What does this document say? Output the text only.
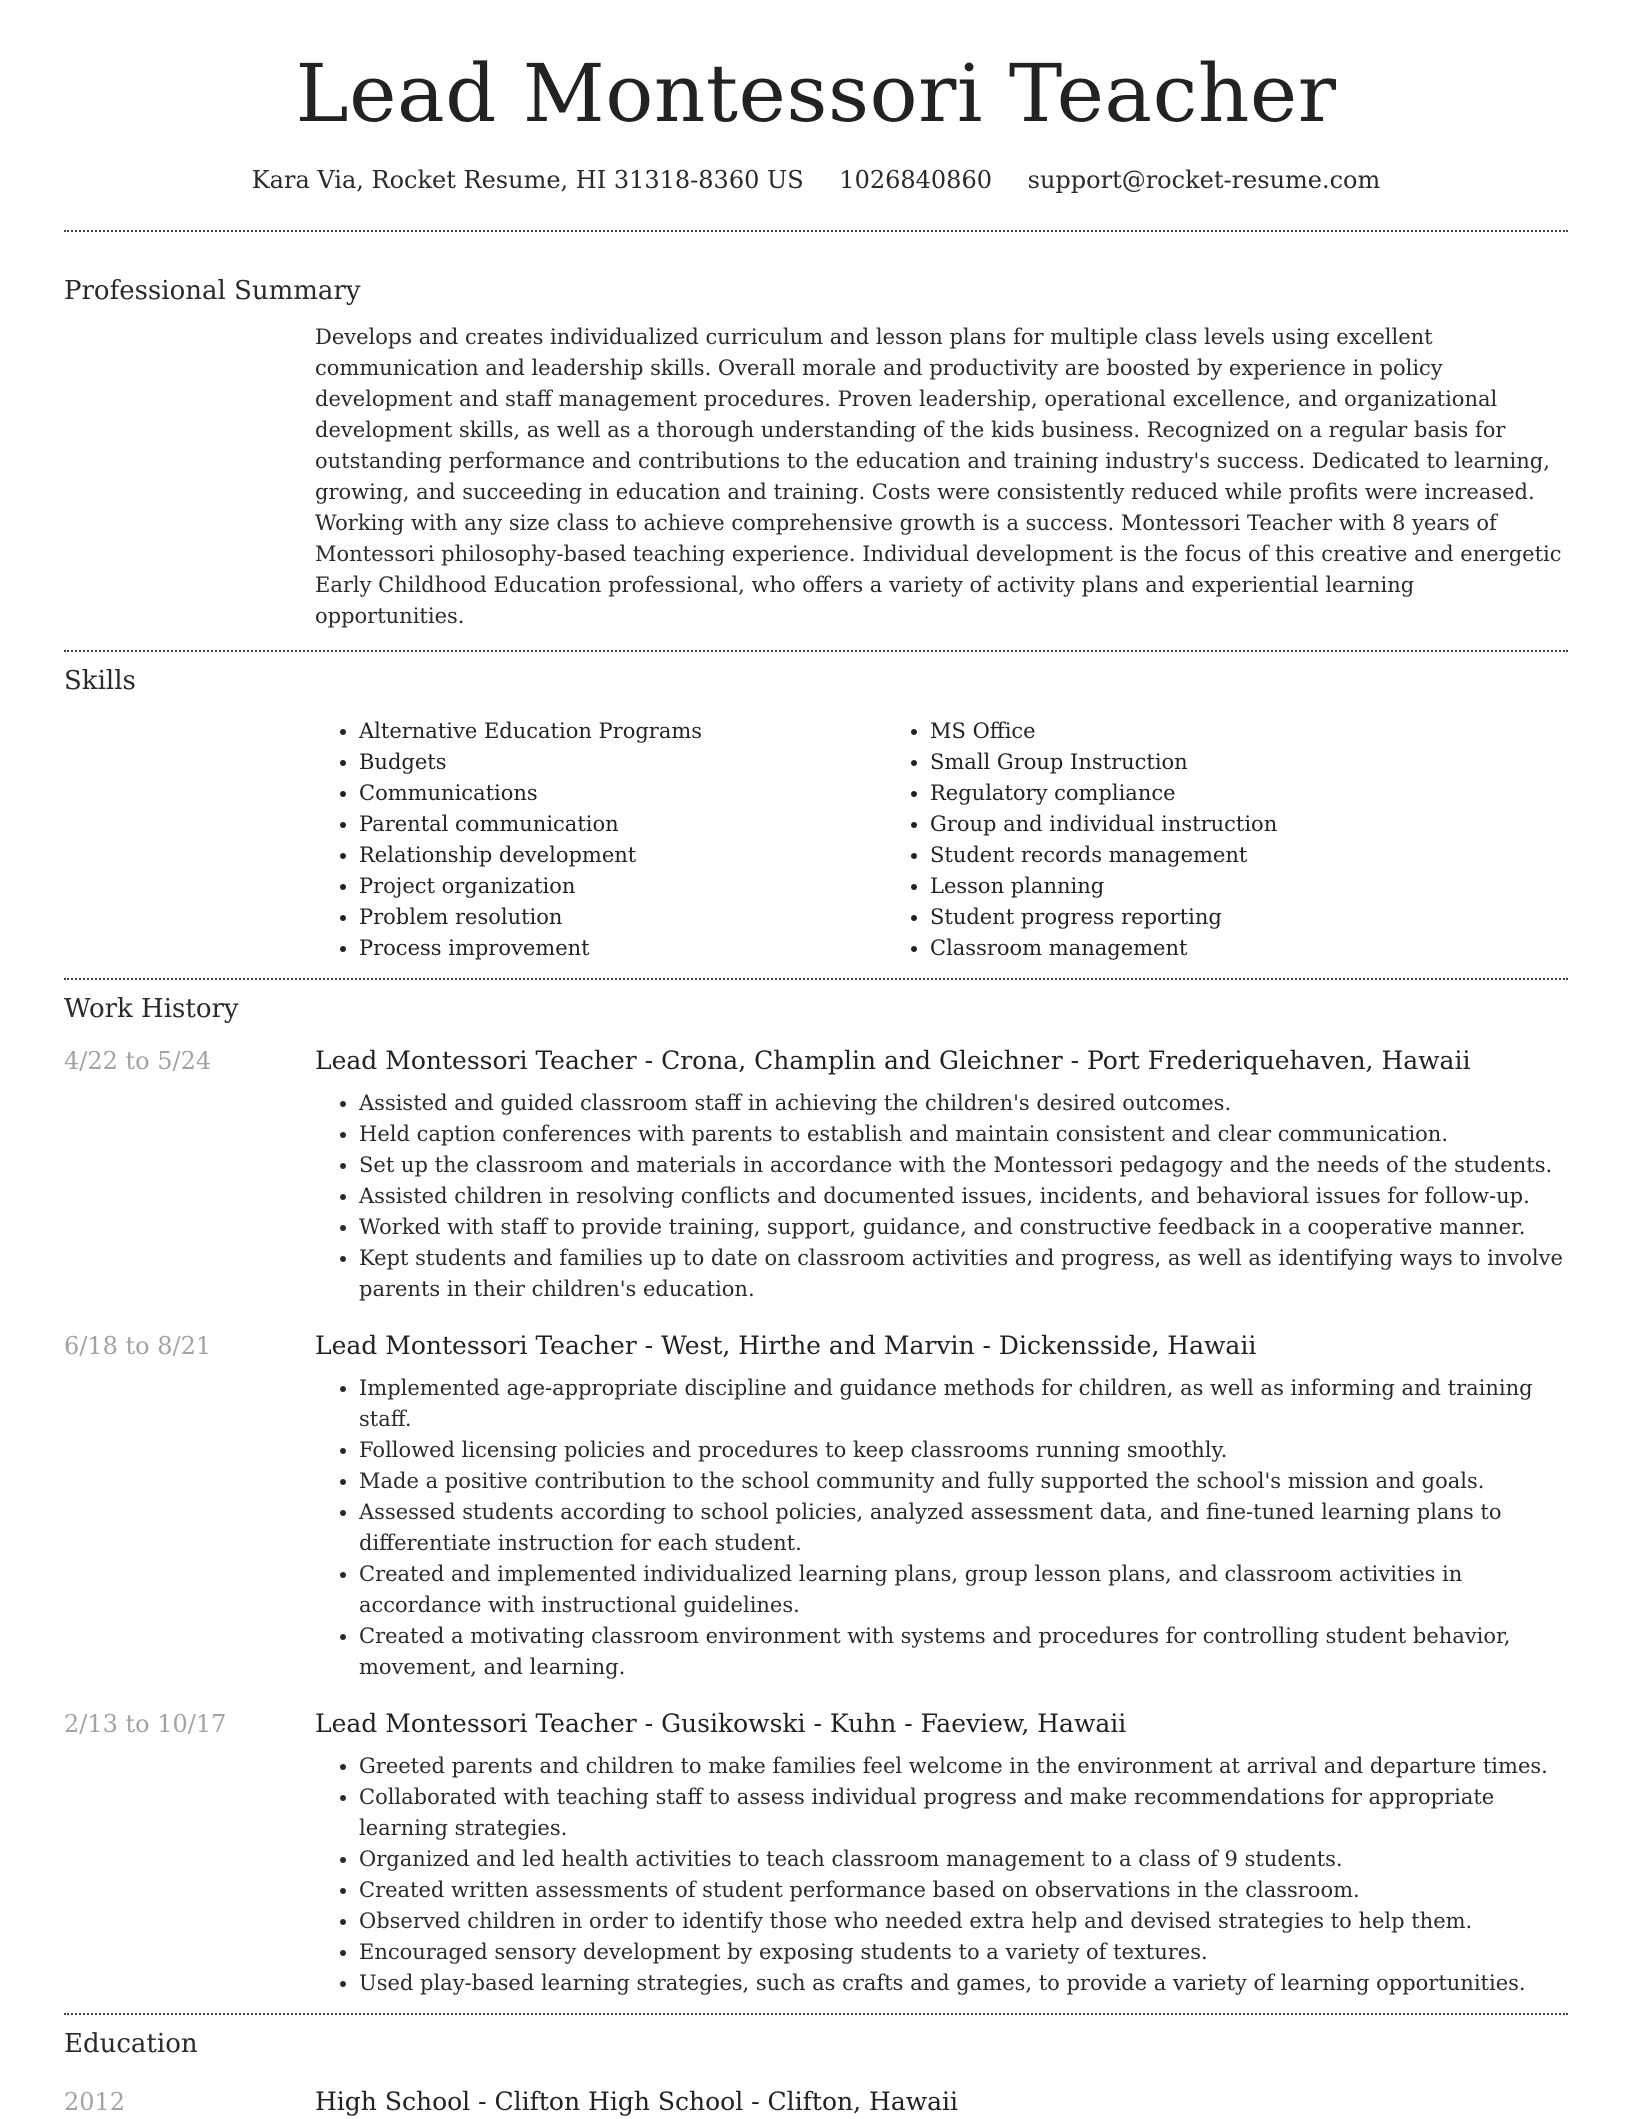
Lead Montessori Teacher
Kara Via, Rocket Resume, HI 31318-8360 US 1026840860 support@rocket-resume.com
Professional Summary

Develops and creates individualized curriculum and lesson plans for multiple class levels using excellent communication and leadership skills. Overall morale and productivity are boosted by experience in policy development and staff management procedures. Proven leadership, operational excellence, and organizational development skills, as well as a thorough understanding of the kids business. Recognized on a regular basis for outstanding performance and contributions to the education and training industry's success. Dedicated to learning, growing, and succeeding in education and training. Costs were consistently reduced while profits were increased. Working with any size class to achieve comprehensive growth is a success. Montessori Teacher with 8 years of Montessori philosophy-based teaching experience. Individual development is the focus of this creative and energetic Early Childhood Education professional, who offers a variety of activity plans and experiential learning opportunities.

Skills
• Alternative Education Programs
• Budgets
• Communications
• Parental communication
• Relationship development
• Project organization
• Problem resolution
• Process improvement
• MS Office
• Small Group Instruction
• Regulatory compliance
• Group and individual instruction
• Student records management
• Lesson planning
• Student progress reporting
• Classroom management
Work History
4/22 to 5/24	Lead Montessori Teacher - Crona, Champlin and Gleichner - Port Frederiquehaven, Hawaii
• Assisted and guided classroom staff in achieving the children's desired outcomes.
• Held caption conferences with parents to establish and maintain consistent and clear communication.
• Set up the classroom and materials in accordance with the Montessori pedagogy and the needs of the students.
• Assisted children in resolving conflicts and documented issues, incidents, and behavioral issues for follow-up.
• Worked with staff to provide training, support, guidance, and constructive feedback in a cooperative manner.
• Kept students and families up to date on classroom activities and progress, as well as identifying ways to involve parents in their children's education.
6/18 to 8/21	Lead Montessori Teacher - West, Hirthe and Marvin - Dickensside, Hawaii
• Implemented age-appropriate discipline and guidance methods for children, as well as informing and training staff.
• Followed licensing policies and procedures to keep classrooms running smoothly.
• Made a positive contribution to the school community and fully supported the school's mission and goals.
• Assessed students according to school policies, analyzed assessment data, and fine-tuned learning plans to differentiate instruction for each student.
• Created and implemented individualized learning plans, group lesson plans, and classroom activities in accordance with instructional guidelines.
• Created a motivating classroom environment with systems and procedures for controlling student behavior, movement, and learning.
2/13 to 10/17	Lead Montessori Teacher - Gusikowski - Kuhn - Faeview, Hawaii
• Greeted parents and children to make families feel welcome in the environment at arrival and departure times.
• Collaborated with teaching staff to assess individual progress and make recommendations for appropriate learning strategies.
• Organized and led health activities to teach classroom management to a class of 9 students.
• Created written assessments of student performance based on observations in the classroom.
• Observed children in order to identify those who needed extra help and devised strategies to help them.
• Encouraged sensory development by exposing students to a variety of textures.
• Used play-based learning strategies, such as crafts and games, to provide a variety of learning opportunities.
Education
2012	High School - Clifton High School - Clifton, Hawaii
